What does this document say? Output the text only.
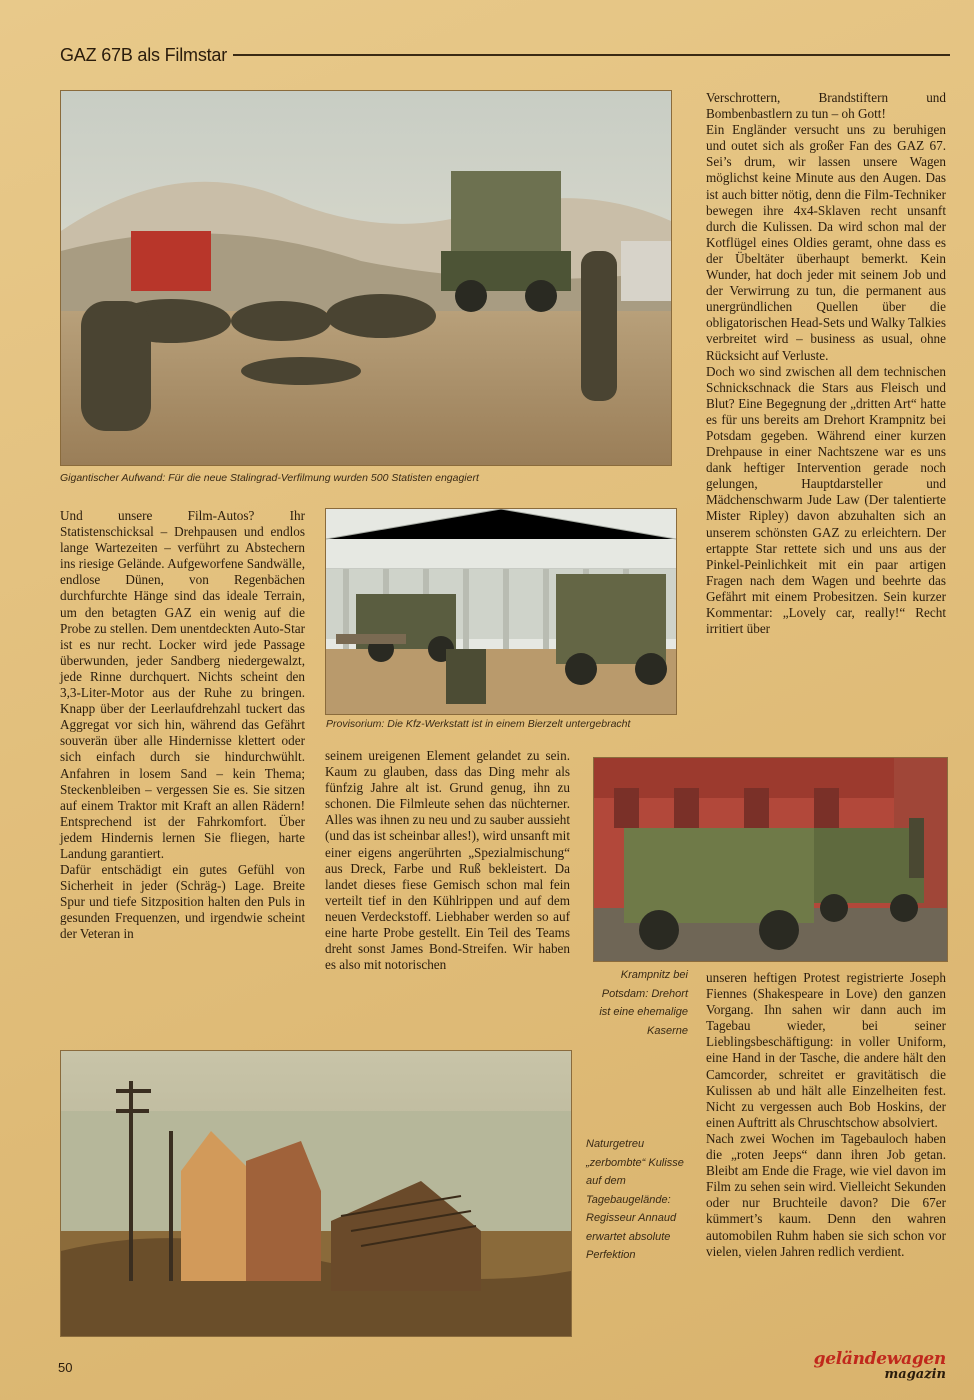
GAZ 67B als Filmstar
Gigantischer Aufwand: Für die neue Stalingrad-Verfilmung wurden 500 Statisten engagiert

Verschrottern, Brandstiftern und Bombenbastlern zu tun – oh Gott!

Ein Engländer versucht uns zu beruhigen und outet sich als großer Fan des GAZ 67. Sei’s drum, wir lassen unsere Wagen möglichst keine Minute aus den Augen. Das ist auch bitter nötig, denn die Film-Techniker bewegen ihre 4x4-Sklaven recht unsanft durch die Kulissen. Da wird schon mal der Kotflügel eines Oldies geramt, ohne dass es der Übeltäter überhaupt bemerkt. Kein Wunder, hat doch jeder mit seinem Job und der Verwirrung zu tun, die permanent aus unergründlichen Quellen über die obligatorischen Head-Sets und Walky Talkies verbreitet wird – business as usual, ohne Rücksicht auf Verluste.

Doch wo sind zwischen all dem technischen Schnickschnack die Stars aus Fleisch und Blut? Eine Begegnung der „dritten Art“ hatte es für uns bereits am Drehort Krampnitz bei Potsdam gegeben. Während einer kurzen Drehpause in einer Nachtszene war es uns dank heftiger Intervention gerade noch gelungen, Hauptdarsteller und Mädchenschwarm Jude Law (Der talentierte Mister Ripley) davon abzuhalten sich an unserem schönsten GAZ zu erleichtern. Der ertappte Star rettete sich und uns aus der Pinkel-Peinlichkeit mit ein paar artigen Fragen nach dem Wagen und beehrte das Gefährt mit einem Probesitzen. Sein kurzer Kommentar: „Lovely car, really!“ Recht irritiert über

Und unsere Film-Autos? Ihr Statistenschicksal – Drehpausen und endlos lange Wartezeiten – verführt zu Abstechern ins riesige Gelände. Aufgeworfene Sandwälle, endlose Dünen, von Regenbächen durchfurchte Hänge sind das ideale Terrain, um den betagten GAZ ein wenig auf die Probe zu stellen. Dem unentdeckten Auto-Star ist es nur recht. Locker wird jede Passage überwunden, jeder Sandberg niedergewalzt, jede Rinne durchquert. Nichts scheint den 3,3-Liter-Motor aus der Ruhe zu bringen. Knapp über der Leerlaufdrehzahl tuckert das Aggregat vor sich hin, während das Gefährt souverän über alle Hindernisse klettert oder sich einfach durch sie hindurchwühlt. Anfahren in losem Sand – kein Thema; Steckenbleiben – vergessen Sie es. Sie sitzen auf einem Traktor mit Kraft an allen Rädern! Entsprechend ist der Fahrkomfort. Über jedem Hindernis lernen Sie fliegen, harte Landung garantiert.

Dafür entschädigt ein gutes Gefühl von Sicherheit in jeder (Schräg-) Lage. Breite Spur und tiefe Sitzposition halten den Puls in gesunden Frequenzen, und irgendwie scheint der Veteran in

Provisorium: Die Kfz-Werkstatt ist in einem Bierzelt untergebracht

seinem ureigenen Element gelandet zu sein. Kaum zu glauben, dass das Ding mehr als fünfzig Jahre alt ist. Grund genug, ihn zu schonen. Die Filmleute sehen das nüchterner. Alles was ihnen zu neu und zu sauber aussieht (und das ist scheinbar alles!), wird unsanft mit einer eigens angerührten „Spezialmischung“ aus Dreck, Farbe und Ruß bekleistert. Da landet dieses fiese Gemisch schon mal fein verteilt tief in den Kühlrippen und auf dem neuen Verdeckstoff. Liebhaber werden so auf eine harte Probe gestellt. Ein Teil des Teams dreht sonst James Bond-Streifen. Wir haben es also mit notorischen

Krampnitz bei Potsdam: Drehort ist eine ehemalige Kaserne

unseren heftigen Protest registrierte Joseph Fiennes (Shakespeare in Love) den ganzen Vorgang. Ihn sahen wir dann auch im Tagebau wieder, bei seiner Lieblingsbeschäftigung: in voller Uniform, eine Hand in der Tasche, die andere hält den Camcorder, schreitet er gravitätisch die Kulissen ab und hält alle Einzelheiten fest. Nicht zu vergessen auch Bob Hoskins, der einen Auftritt als Chruschtschow absolviert.

Nach zwei Wochen im Tagebauloch haben die „roten Jeeps“ dann ihren Job getan. Bleibt am Ende die Frage, wie viel davon im Film zu sehen sein wird. Vielleicht Sekunden oder nur Bruchteile davon? Die 67er kümmert’s kaum. Denn den wahren automobilen Ruhm haben sie sich schon vor vielen, vielen Jahren redlich verdient.

Naturgetreu „zerbombte“ Kulisse auf dem Tagebaugelände: Regisseur Annaud erwartet absolute Perfektion
50	geländewagen
magazin
